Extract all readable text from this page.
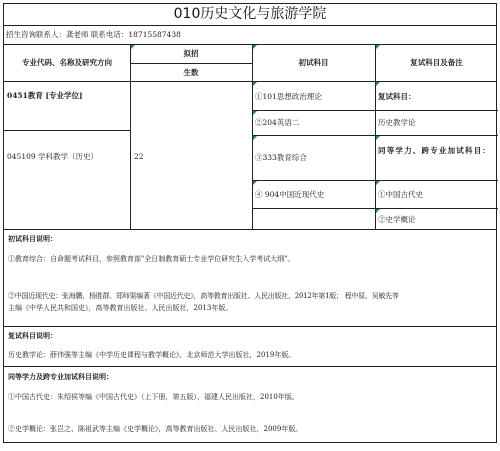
010历史文化与旅游学院
招生咨询联系人：龚老师 联系电话：18715587438
专业代码、名称及研究方向
拟招
生数
初试科目	复试科目及备注
0451教育 [专业学位]
045109 学科教学（历史）	22
①101思想政治理论
②204英语二
③333教育综合
④ 904中国近现代史
复试科目：
历史教学论
同等学力、跨专业加试科目：
①中国古代史
②史学概论
初试科目说明：
①教育综合：自命题考试科目，参照教育部"全日制教育硕士专业学位研究生入学考试大纲"。
②中国近现代史：张海鹏、杨胜群、郑师渠编著《中国近代史》，高等教育出版社、人民出版社，2012年第1版； 程中原、吴敏先等
主编《中华人民共和国史》，高等教育出版社、人民出版社，2013年版。
复试科目说明：
历史教学论：薛伟强等主编《中学历史课程与教学概论》，北京师范大学出版社，2019年版。
同等学力及跨专业加试科目说明：
①中国古代史：朱绍侯等编《中国古代史》（上下册，第五版），福建人民出版社，2010年版。
②史学概论：张岂之、陈祖武等主编《史学概论》，高等教育出版社、人民出版社，2009年版。
